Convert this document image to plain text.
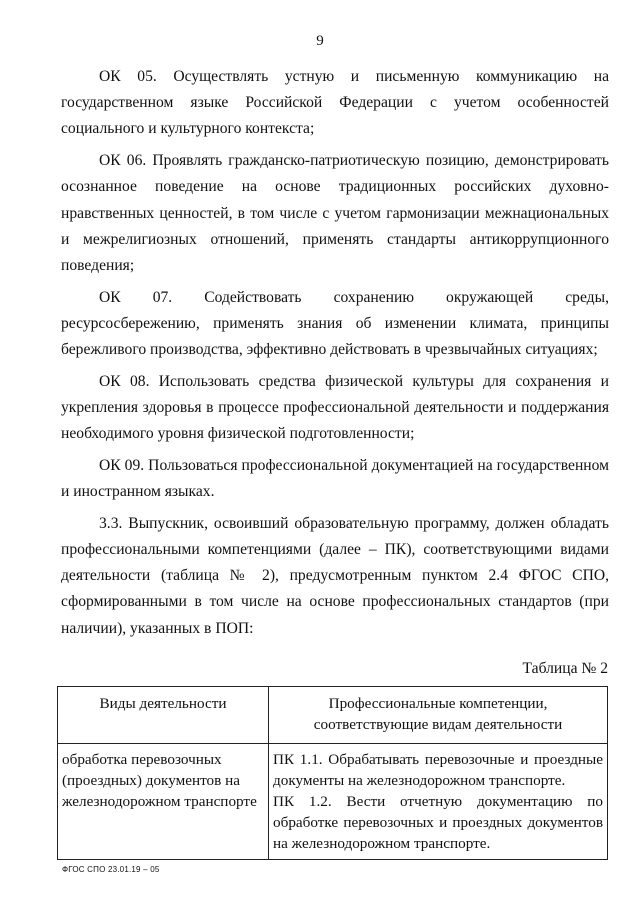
9

ОК 05. Осуществлять устную и письменную коммуникацию на государственном языке Российской Федерации с учетом особенностей социального и культурного контекста;

ОК 06. Проявлять гражданско-патриотическую позицию, демонстрировать осознанное поведение на основе традиционных российских духовно-нравственных ценностей, в том числе с учетом гармонизации межнациональных и межрелигиозных отношений, применять стандарты антикоррупционного поведения;

ОК 07. Содействовать сохранению окружающей среды, ресурсосбережению, применять знания об изменении климата, принципы бережливого производства, эффективно действовать в чрезвычайных ситуациях;

ОК 08. Использовать средства физической культуры для сохранения и укрепления здоровья в процессе профессиональной деятельности и поддержания необходимого уровня физической подготовленности;

ОК 09. Пользоваться профессиональной документацией на государственном и иностранном языках.

3.3. Выпускник, освоивший образовательную программу, должен обладать профессиональными компетенциями (далее – ПК), соответствующими видами деятельности (таблица № 2), предусмотренным пунктом 2.4 ФГОС СПО, сформированными в том числе на основе профессиональных стандартов (при наличии), указанных в ПОП:

Таблица № 2
Виды деятельности	Профессиональные компетенции, соответствующие видам деятельности
обработка перевозочных (проездных) документов на железнодорожном транспорте	ПК 1.1. Обрабатывать перевозочные и проездные документы на железнодорожном транспорте.
ПК 1.2. Вести отчетную документацию по обработке перевозочных и проездных документов на железнодорожном транспорте.
ФГОС СПО 23.01.19 – 05
